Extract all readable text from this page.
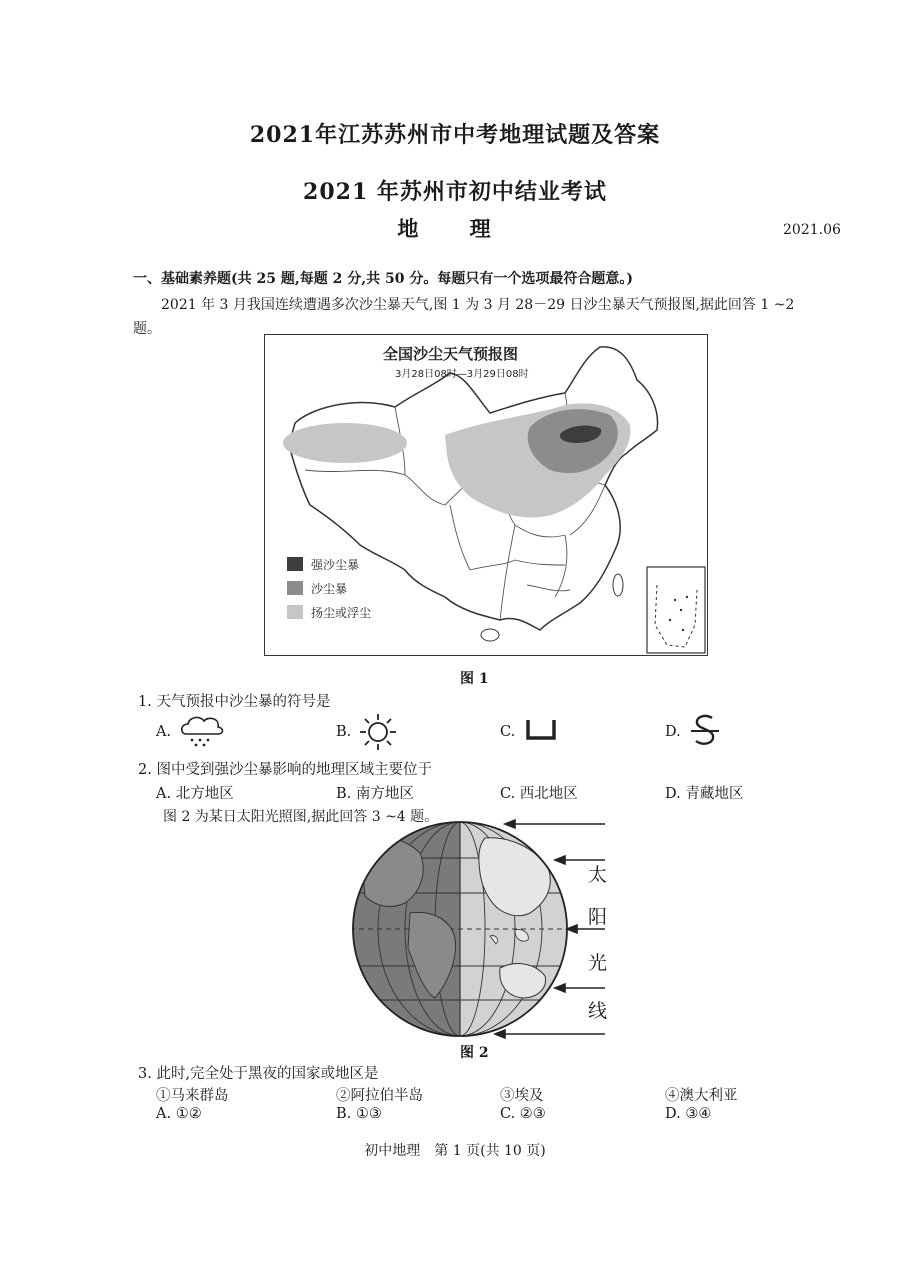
2021年江苏苏州市中考地理试题及答案
2021 年苏州市初中结业考试
地 理	2021.06
一、基础素养题(共 25 题,每题 2 分,共 50 分。每题只有一个选项最符合题意。)
2021 年 3 月我国连续遭遇多次沙尘暴天气,图 1 为 3 月 28－29 日沙尘暴天气预报图,据此回答 1 ~2 题。
全国沙尘天气预报图
3月28日08时—3月29日08时
强沙尘暴
沙尘暴
扬尘或浮尘
图 1
1. 天气预报中沙尘暴的符号是
A.	B.	C.	D.
2. 图中受到强沙尘暴影响的地理区域主要位于
A. 北方地区	B. 南方地区	C. 西北地区	D. 青藏地区
图 2 为某日太阳光照图,据此回答 3 ~4 题。
太
阳
光
线
图 2
3. 此时,完全处于黑夜的国家或地区是
①马来群岛	②阿拉伯半岛	③埃及	④澳大利亚
A. ①②	B. ①③	C. ②③	D. ③④
初中地理　第 1 页(共 10 页)
